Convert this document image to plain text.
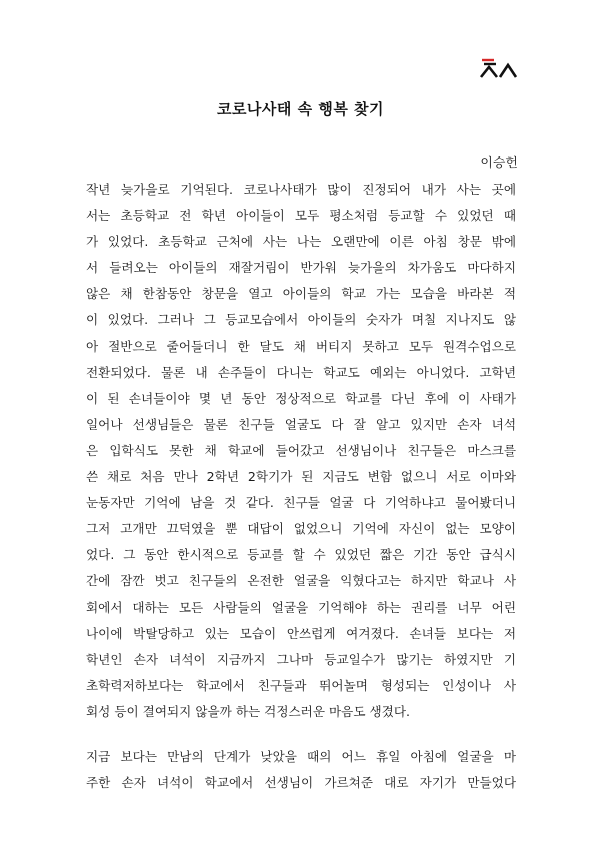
코로나사태 속 행복 찾기
이승헌
작년 늦가을로 기억된다. 코로나사태가 많이 진정되어 내가 사는 곳에
서는 초등학교 전 학년 아이들이 모두 평소처럼 등교할 수 있었던 때
가 있었다. 초등학교 근처에 사는 나는 오랜만에 이른 아침 창문 밖에
서 들려오는 아이들의 재잘거림이 반가워 늦가을의 차가움도 마다하지
않은 채 한참동안 창문을 열고 아이들의 학교 가는 모습을 바라본 적
이 있었다. 그러나 그 등교모습에서 아이들의 숫자가 며칠 지나지도 않
아 절반으로 줄어들더니 한 달도 채 버티지 못하고 모두 원격수업으로
전환되었다. 물론 내 손주들이 다니는 학교도 예외는 아니었다. 고학년
이 된 손녀들이야 몇 년 동안 정상적으로 학교를 다닌 후에 이 사태가
일어나 선생님들은 물론 친구들 얼굴도 다 잘 알고 있지만 손자 녀석
은 입학식도 못한 채 학교에 들어갔고 선생님이나 친구들은 마스크를
쓴 채로 처음 만나 2학년 2학기가 된 지금도 변함 없으니 서로 이마와
눈동자만 기억에 남을 것 같다. 친구들 얼굴 다 기억하냐고 물어봤더니
그저 고개만 끄덕였을 뿐 대답이 없었으니 기억에 자신이 없는 모양이
었다. 그 동안 한시적으로 등교를 할 수 있었던 짧은 기간 동안 급식시
간에 잠깐 벗고 친구들의 온전한 얼굴을 익혔다고는 하지만 학교나 사
회에서 대하는 모든 사람들의 얼굴을 기억해야 하는 권리를 너무 어린
나이에 박탈당하고 있는 모습이 안쓰럽게 여겨졌다. 손녀들 보다는 저
학년인 손자 녀석이 지금까지 그나마 등교일수가 많기는 하였지만 기
초학력저하보다는 학교에서 친구들과 뛰어놀며 형성되는 인성이나 사
회성 등이 결여되지 않을까 하는 걱정스러운 마음도 생겼다.
지금 보다는 만남의 단계가 낮았을 때의 어느 휴일 아침에 얼굴을 마
주한 손자 녀석이 학교에서 선생님이 가르쳐준 대로 자기가 만들었다
